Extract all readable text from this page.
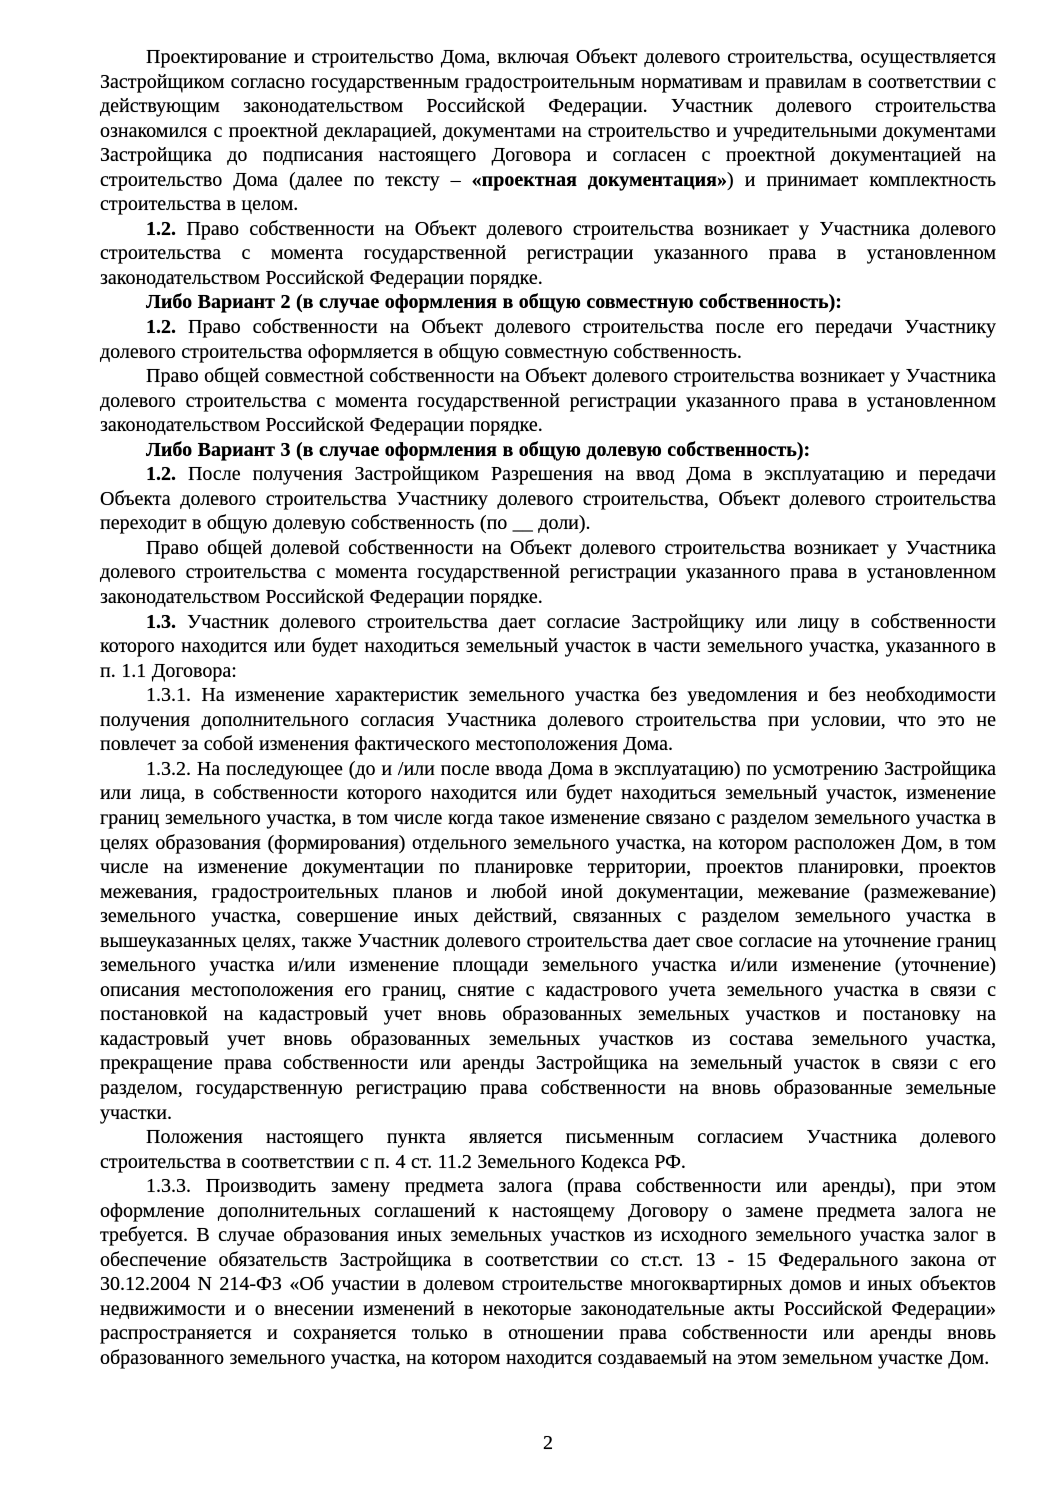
Проектирование и строительство Дома, включая Объект долевого строительства, осуществляется Застройщиком согласно государственным градостроительным нормативам и правилам в соответствии с действующим законодательством Российской Федерации. Участник долевого строительства ознакомился с проектной декларацией, документами на строительство и учредительными документами Застройщика до подписания настоящего Договора и согласен с проектной документацией на строительство Дома (далее по тексту – «проектная документация») и принимает комплектность строительства в целом.

1.2. Право собственности на Объект долевого строительства возникает у Участника долевого строительства с момента государственной регистрации указанного права в установленном законодательством Российской Федерации порядке.

Либо Вариант 2 (в случае оформления в общую совместную собственность):

1.2. Право собственности на Объект долевого строительства после его передачи Участнику долевого строительства оформляется в общую совместную собственность.

Право общей совместной собственности на Объект долевого строительства возникает у Участника долевого строительства с момента государственной регистрации указанного права в установленном законодательством Российской Федерации порядке.

Либо Вариант 3 (в случае оформления в общую долевую собственность):

1.2. После получения Застройщиком Разрешения на ввод Дома в эксплуатацию и передачи Объекта долевого строительства Участнику долевого строительства, Объект долевого строительства переходит в общую долевую собственность (по __ доли).

Право общей долевой собственности на Объект долевого строительства возникает у Участника долевого строительства с момента государственной регистрации указанного права в установленном законодательством Российской Федерации порядке.

1.3. Участник долевого строительства дает согласие Застройщику или лицу в собственности которого находится или будет находиться земельный участок в части земельного участка, указанного в п. 1.1 Договора:

1.3.1. На изменение характеристик земельного участка без уведомления и без необходимости получения дополнительного согласия Участника долевого строительства при условии, что это не повлечет за собой изменения фактического местоположения Дома.

1.3.2. На последующее (до и /или после ввода Дома в эксплуатацию) по усмотрению Застройщика или лица, в собственности которого находится или будет находиться земельный участок, изменение границ земельного участка, в том числе когда такое изменение связано с разделом земельного участка в целях образования (формирования) отдельного земельного участка, на котором расположен Дом, в том числе на изменение документации по планировке территории, проектов планировки, проектов межевания, градостроительных планов и любой иной документации, межевание (размежевание) земельного участка, совершение иных действий, связанных с разделом земельного участка в вышеуказанных целях, также Участник долевого строительства дает свое согласие на уточнение границ земельного участка и/или изменение площади земельного участка и/или изменение (уточнение) описания местоположения его границ, снятие с кадастрового учета земельного участка в связи с постановкой на кадастровый учет вновь образованных земельных участков и постановку на кадастровый учет вновь образованных земельных участков из состава земельного участка, прекращение права собственности или аренды Застройщика на земельный участок в связи с его разделом, государственную регистрацию права собственности на вновь образованные земельные участки.

Положения настоящего пункта является письменным согласием Участника долевого строительства в соответствии с п. 4 ст. 11.2 Земельного Кодекса РФ.

1.3.3. Производить замену предмета залога (права собственности или аренды), при этом оформление дополнительных соглашений к настоящему Договору о замене предмета залога не требуется. В случае образования иных земельных участков из исходного земельного участка залог в обеспечение обязательств Застройщика в соответствии со ст.ст. 13 - 15 Федерального закона от 30.12.2004 N 214-ФЗ «Об участии в долевом строительстве многоквартирных домов и иных объектов недвижимости и о внесении изменений в некоторые законодательные акты Российской Федерации» распространяется и сохраняется только в отношении права собственности или аренды вновь образованного земельного участка, на котором находится создаваемый на этом земельном участке Дом.

2
